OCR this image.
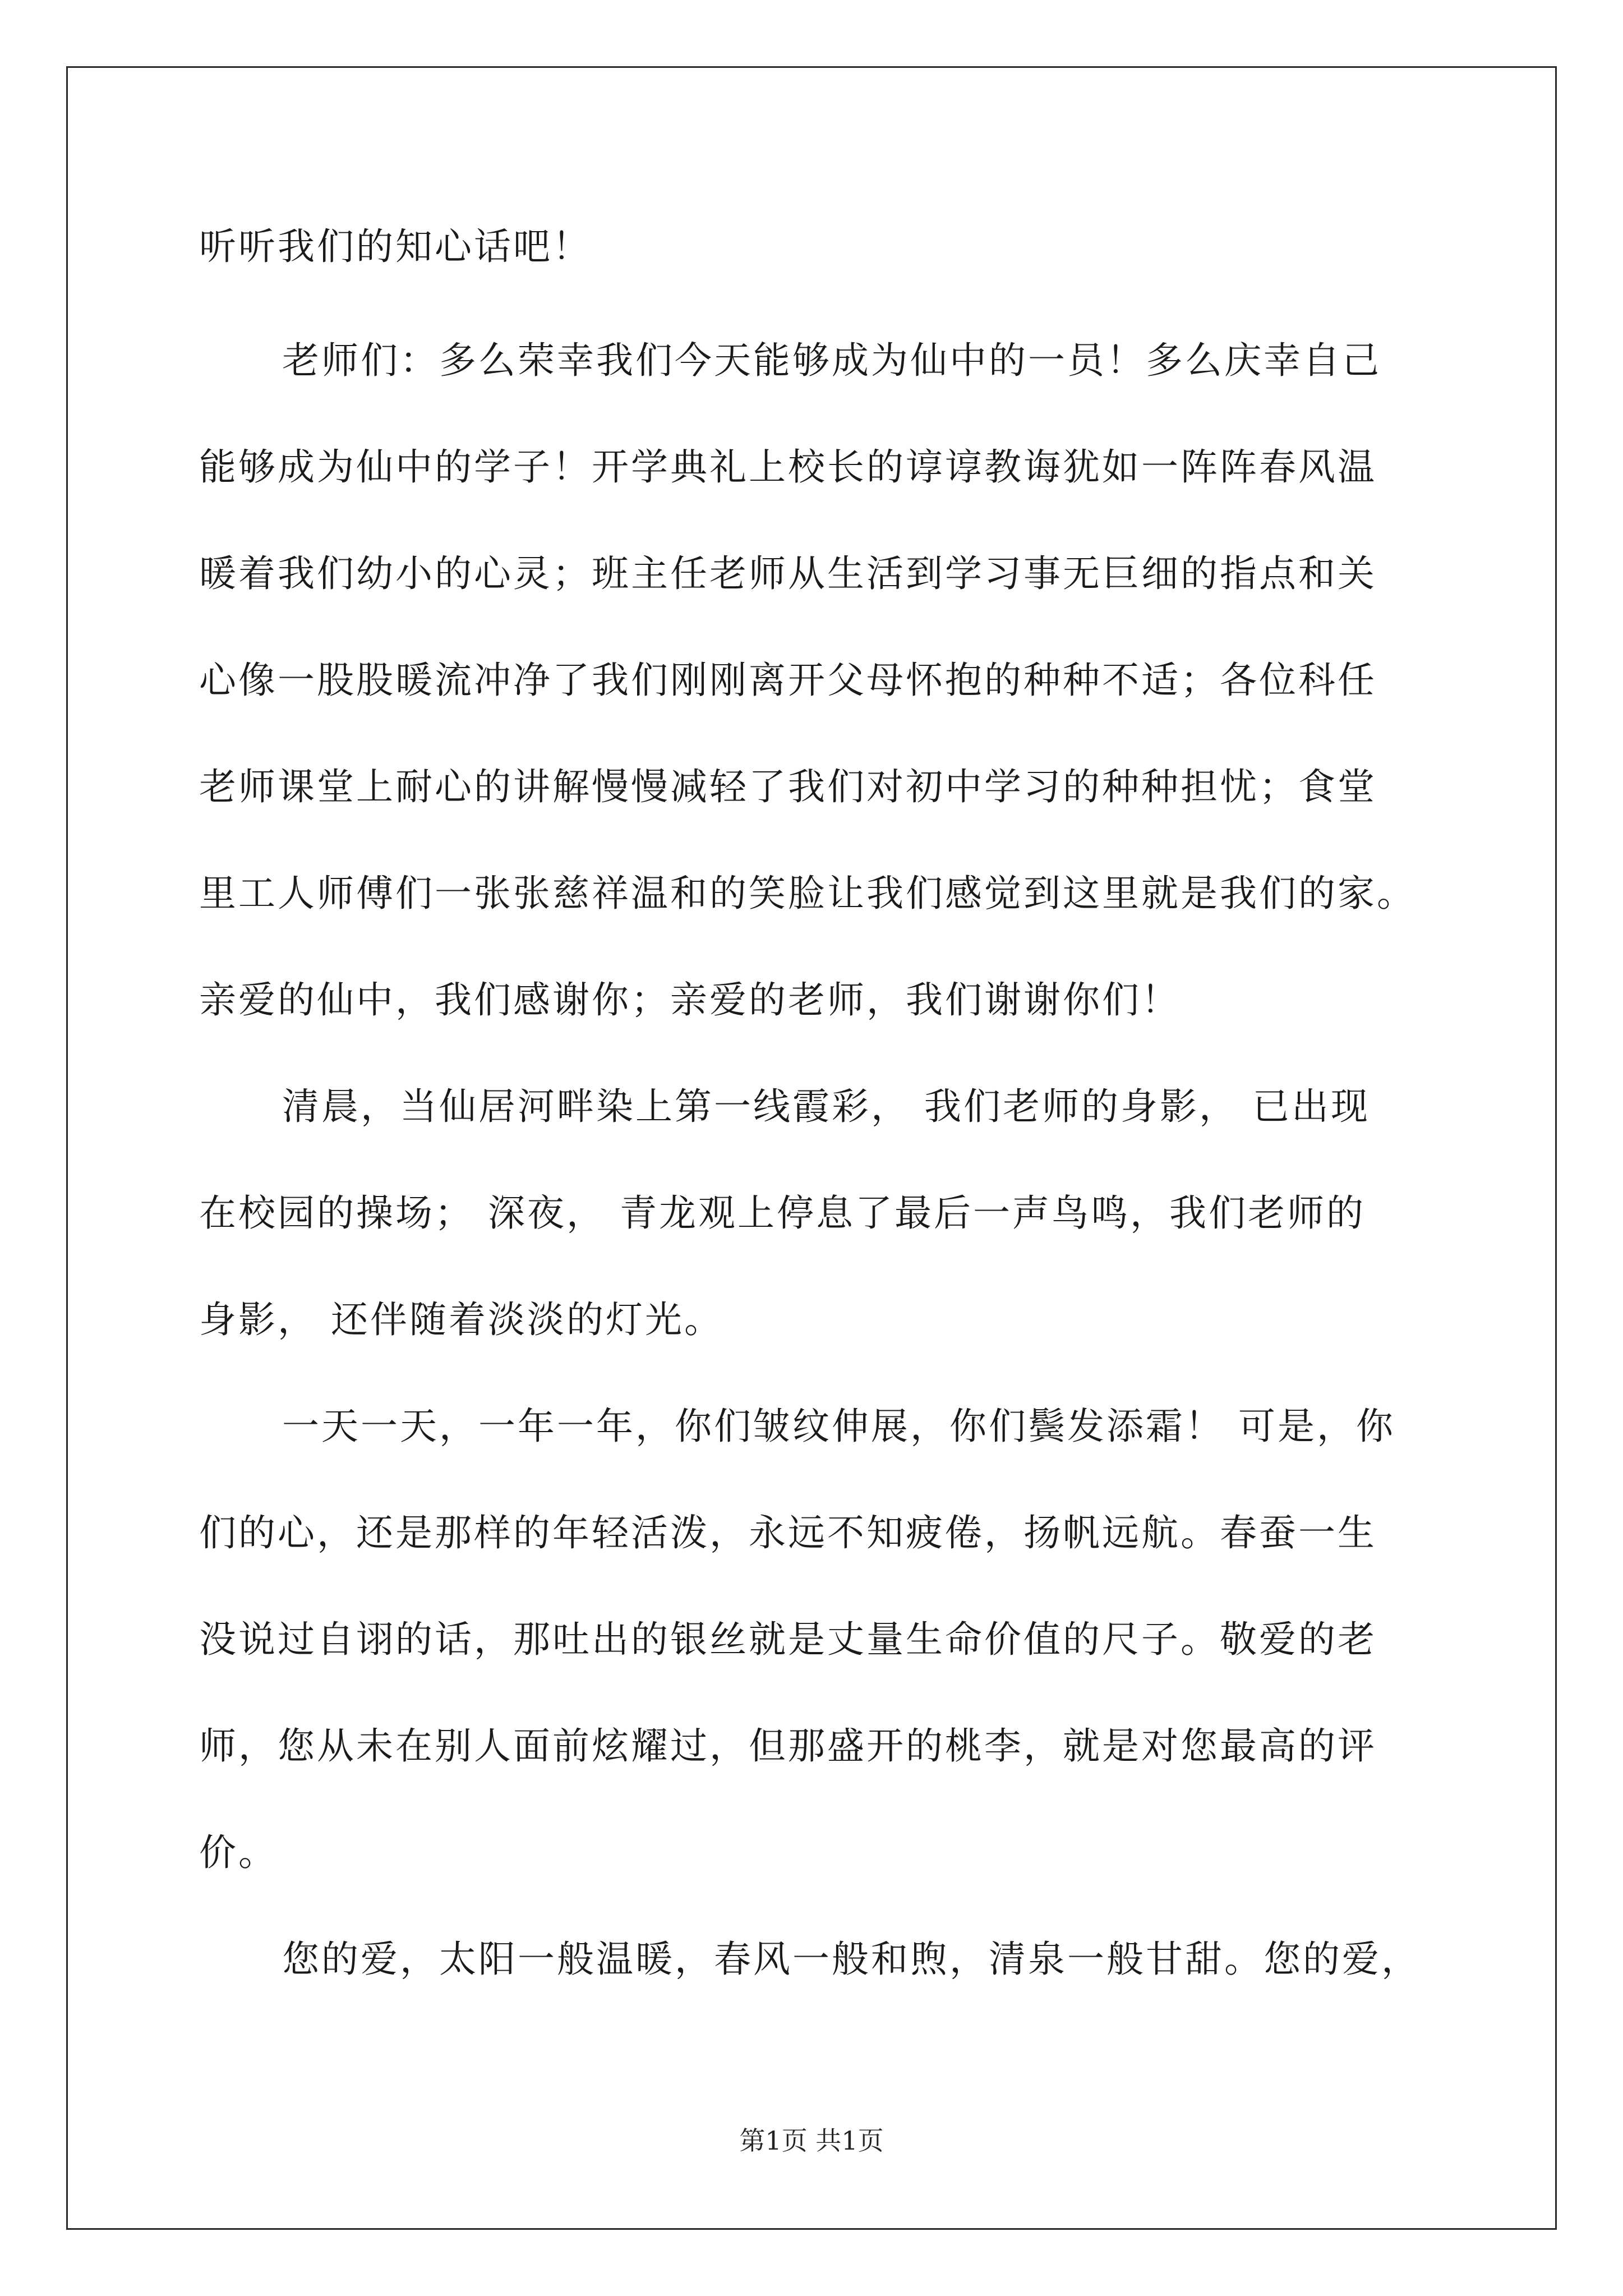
听听我们的知心话吧！
老师们：多么荣幸我们今天能够成为仙中的一员！多么庆幸自己
能够成为仙中的学子！开学典礼上校长的谆谆教诲犹如一阵阵春风温
暖着我们幼小的心灵；班主任老师从生活到学习事无巨细的指点和关
心像一股股暖流冲净了我们刚刚离开父母怀抱的种种不适；各位科任
老师课堂上耐心的讲解慢慢减轻了我们对初中学习的种种担忧；食堂
里工人师傅们一张张慈祥温和的笑脸让我们感觉到这里就是我们的家。
亲爱的仙中，我们感谢你；亲爱的老师，我们谢谢你们！
清晨，当仙居河畔染上第一线霞彩， 我们老师的身影， 已出现
在校园的操场； 深夜， 青龙观上停息了最后一声鸟鸣，我们老师的
身影， 还伴随着淡淡的灯光。
一天一天，一年一年，你们皱纹伸展，你们鬓发添霜！ 可是，你
们的心，还是那样的年轻活泼，永远不知疲倦，扬帆远航。春蚕一生
没说过自诩的话，那吐出的银丝就是丈量生命价值的尺子。敬爱的老
师，您从未在别人面前炫耀过，但那盛开的桃李，就是对您最高的评
价。
您的爱，太阳一般温暖，春风一般和煦，清泉一般甘甜。您的爱，
第1页 共1页
